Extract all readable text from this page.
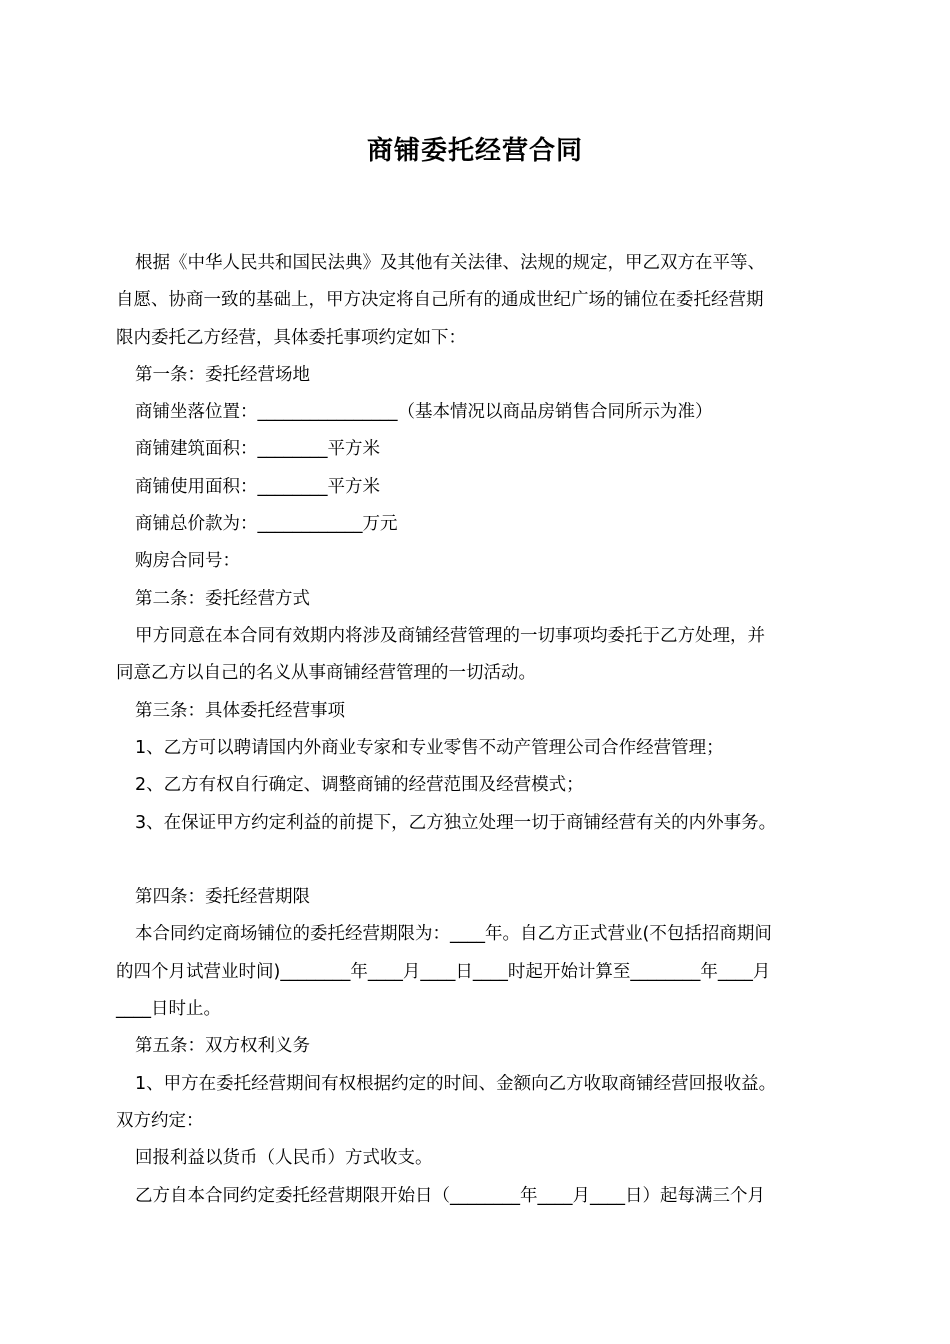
商铺委托经营合同
根据《中华人民共和国民法典》及其他有关法律、法规的规定，甲乙双方在平等、
自愿、协商一致的基础上，甲方决定将自己所有的通成世纪广场的铺位在委托经营期
限内委托乙方经营，具体委托事项约定如下：
第一条：委托经营场地
商铺坐落位置：________________（基本情况以商品房销售合同所示为准）
商铺建筑面积：________平方米
商铺使用面积：________平方米
商铺总价款为：____________万元
购房合同号：
第二条：委托经营方式
甲方同意在本合同有效期内将涉及商铺经营管理的一切事项均委托于乙方处理，并
同意乙方以自己的名义从事商铺经营管理的一切活动。
第三条：具体委托经营事项
1、乙方可以聘请国内外商业专家和专业零售不动产管理公司合作经营管理；
2、乙方有权自行确定、调整商铺的经营范围及经营模式；
3、在保证甲方约定利益的前提下，乙方独立处理一切于商铺经营有关的内外事务。
第四条：委托经营期限
本合同约定商场铺位的委托经营期限为：____年。自乙方正式营业(不包括招商期间
的四个月试营业时间)________年____月____日____时起开始计算至________年____月
____日时止。
第五条：双方权利义务
1、甲方在委托经营期间有权根据约定的时间、金额向乙方收取商铺经营回报收益。
双方约定：
回报利益以货币（人民币）方式收支。
乙方自本合同约定委托经营期限开始日（________年____月____日）起每满三个月
